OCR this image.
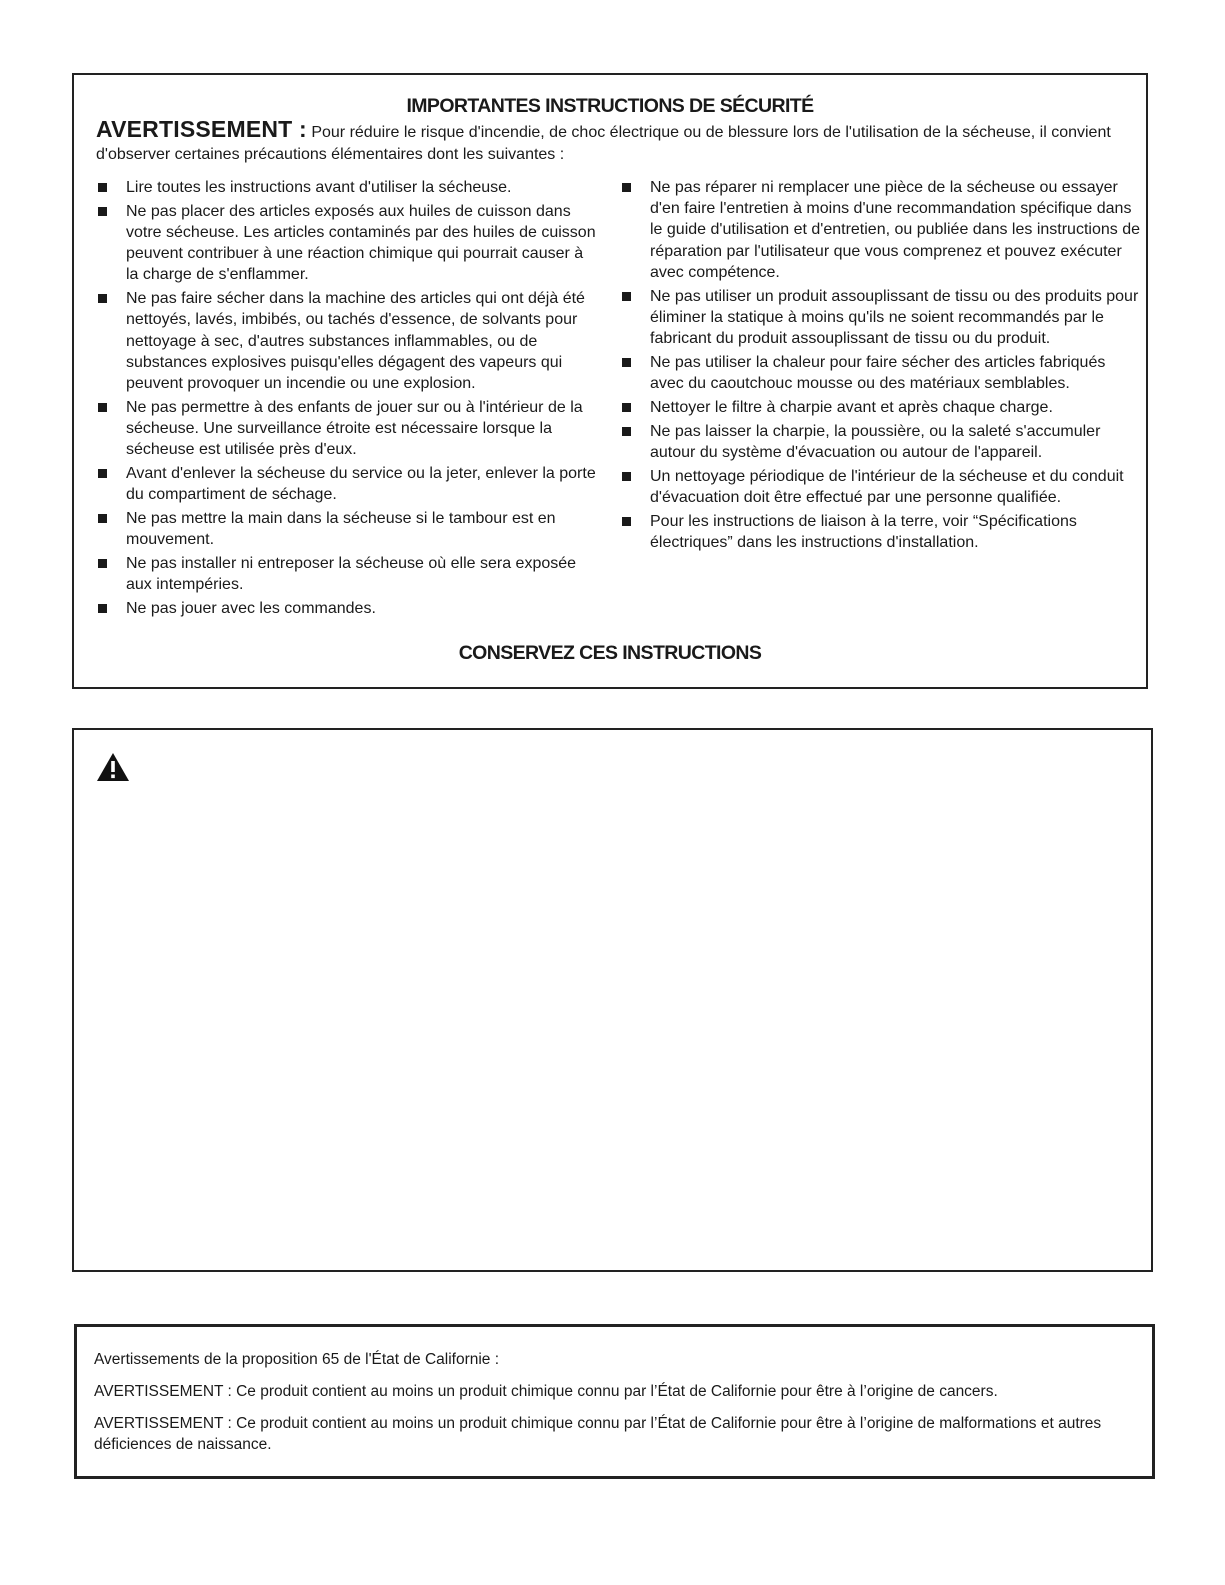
IMPORTANTES INSTRUCTIONS DE SÉCURITÉ
AVERTISSEMENT : Pour réduire le risque d'incendie, de choc électrique ou de blessure lors de l'utilisation de la sécheuse, il convient d'observer certaines précautions élémentaires dont les suivantes :
Lire toutes les instructions avant d'utiliser la sécheuse.
Ne pas placer des articles exposés aux huiles de cuisson dans votre sécheuse. Les articles contaminés par des huiles de cuisson peuvent contribuer à une réaction chimique qui pourrait causer à la charge de s'enflammer.
Ne pas faire sécher dans la machine des articles qui ont déjà été nettoyés, lavés, imbibés, ou tachés d'essence, de solvants pour nettoyage à sec, d'autres substances inflammables, ou de substances explosives puisqu'elles dégagent des vapeurs qui peuvent provoquer un incendie ou une explosion.
Ne pas permettre à des enfants de jouer sur ou à l'intérieur de la sécheuse. Une surveillance étroite est nécessaire lorsque la sécheuse est utilisée près d'eux.
Avant d'enlever la sécheuse du service ou la jeter, enlever la porte du compartiment de séchage.
Ne pas mettre la main dans la sécheuse si le tambour est en mouvement.
Ne pas installer ni entreposer la sécheuse où elle sera exposée aux intempéries.
Ne pas jouer avec les commandes.
Ne pas réparer ni remplacer une pièce de la sécheuse ou essayer d'en faire l'entretien à moins d'une recommandation spécifique dans le guide d'utilisation et d'entretien, ou publiée dans les instructions de réparation par l'utilisateur que vous comprenez et pouvez exécuter avec compétence.
Ne pas utiliser un produit assouplissant de tissu ou des produits pour éliminer la statique à moins qu'ils ne soient recommandés par le fabricant du produit assouplissant de tissu ou du produit.
Ne pas utiliser la chaleur pour faire sécher des articles fabriqués avec du caoutchouc mousse ou des matériaux semblables.
Nettoyer le filtre à charpie avant et après chaque charge.
Ne pas laisser la charpie, la poussière, ou la saleté s'accumuler autour du système d'évacuation ou autour de l'appareil.
Un nettoyage périodique de l'intérieur de la sécheuse et du conduit d'évacuation doit être effectué par une personne qualifiée.
Pour les instructions de liaison à la terre, voir “Spécifications électriques” dans les instructions d'installation.
CONSERVEZ CES INSTRUCTIONS

Avertissements de la proposition 65 de l'État de Californie :

AVERTISSEMENT : Ce produit contient au moins un produit chimique connu par l’État de Californie pour être à l’origine de cancers.

AVERTISSEMENT : Ce produit contient au moins un produit chimique connu par l’État de Californie pour être à l’origine de malformations et autres déficiences de naissance.
